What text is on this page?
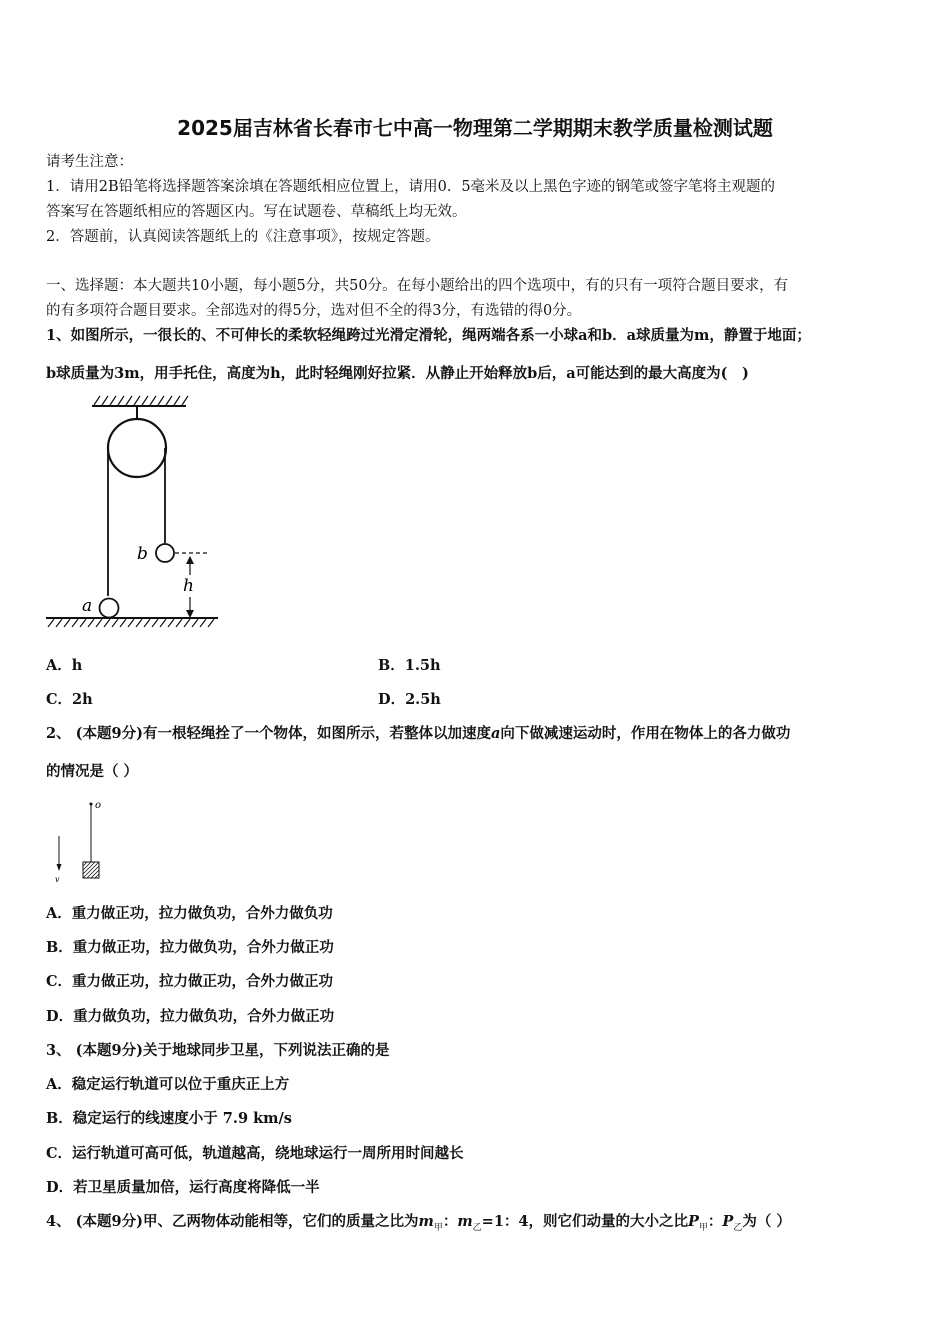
2025届吉林省长春市七中高一物理第二学期期末教学质量检测试题
请考生注意：
1．请用2B铅笔将选择题答案涂填在答题纸相应位置上，请用0．5毫米及以上黑色字迹的钢笔或签字笔将主观题的
答案写在答题纸相应的答题区内。写在试题卷、草稿纸上均无效。
2．答题前，认真阅读答题纸上的《注意事项》，按规定答题。
一、选择题：本大题共10小题，每小题5分，共50分。在每小题给出的四个选项中，有的只有一项符合题目要求，有
的有多项符合题目要求。全部选对的得5分，选对但不全的得3分，有选错的得0分。
1、如图所示，一很长的、不可伸长的柔软轻绳跨过光滑定滑轮，绳两端各系一小球a和b．a球质量为m，静置于地面；
b球质量为3m，用手托住，高度为h，此时轻绳刚好拉紧．从静止开始释放b后，a可能达到的最大高度为(　)
b
h
a
A．h	B．1.5h
C．2h	D．2.5h
2、 (本题9分)有一根轻绳拴了一个物体，如图所示，若整体以加速度a向下做减速运动时，作用在物体上的各力做功
的情况是（ ）
o
v
A．重力做正功，拉力做负功，合外力做负功
B．重力做正功，拉力做负功，合外力做正功
C．重力做正功，拉力做正功，合外力做正功
D．重力做负功，拉力做负功，合外力做正功
3、 (本题9分)关于地球同步卫星，下列说法正确的是
A．稳定运行轨道可以位于重庆正上方
B．稳定运行的线速度小于 7.9 km/s
C．运行轨道可高可低，轨道越高，绕地球运行一周所用时间越长
D．若卫星质量加倍，运行高度将降低一半
4、 (本题9分)甲、乙两物体动能相等，它们的质量之比为$m_甲$：$m_乙=1$：4，则它们动量的大小之比$P_甲$：$P_乙$为（ ）
